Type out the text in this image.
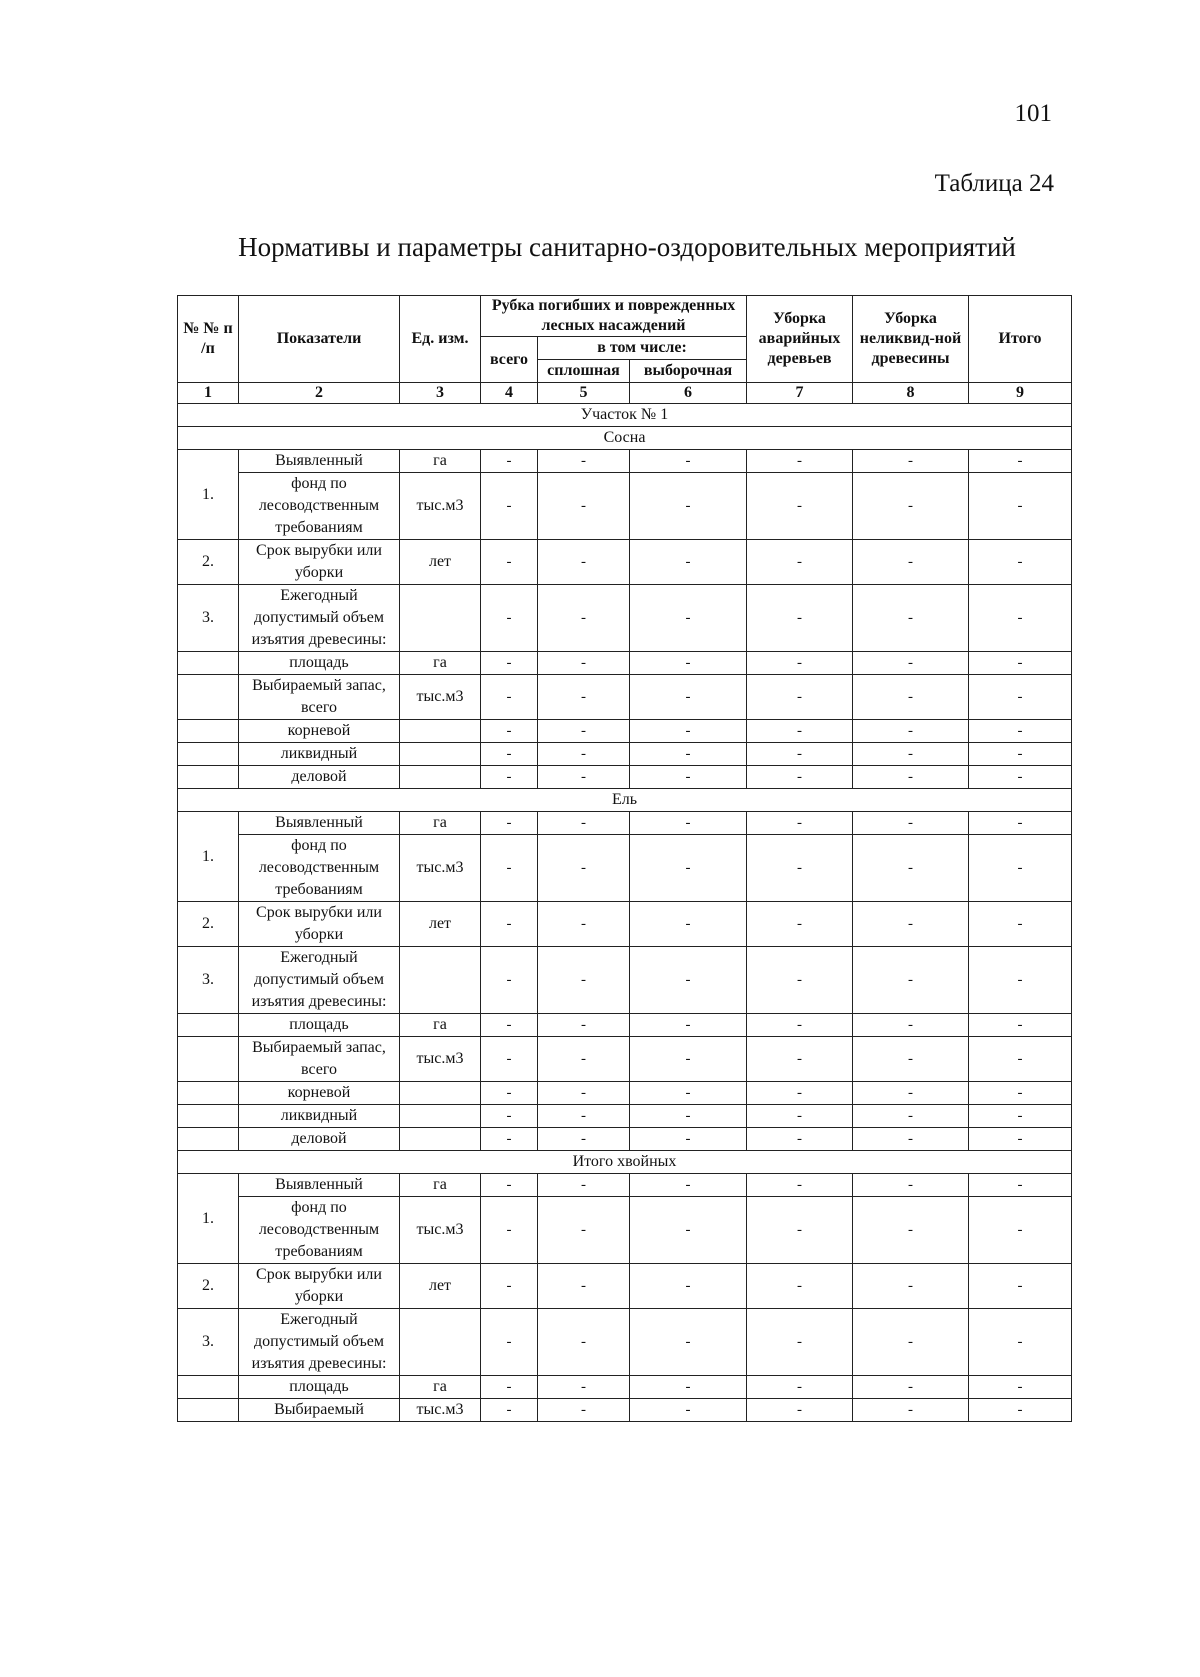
101
Таблица 24
Нормативы и параметры санитарно-оздоровительных мероприятий
№ № п /п	Показатели	Ед. изм.	Рубка погибших и поврежденных лесных насаждений			Уборка аварийных деревьев	Уборка неликвид-ной древесины	Итого

			всего	в том числе:				
				сплошная	выборочная			
1	2	3	4	5	6	7	8	9
Участок № 1								
Сосна								
1.	Выявленный	га	-	-	-	-	-	-
	фонд по лесоводственным требованиям	тыс.м3	-	-	-	-	-	-
2.	Срок вырубки или уборки	лет	-	-	-	-	-	-
3.	Ежегодный допустимый объем изъятия древесины:		-	-	-	-	-	-
	площадь	га	-	-	-	-	-	-
	Выбираемый запас, всего	тыс.м3	-	-	-	-	-	-
	корневой		-	-	-	-	-	-
	ликвидный		-	-	-	-	-	-
	деловой		-	-	-	-	-	-
Ель								
1.	Выявленный	га	-	-	-	-	-	-
	фонд по лесоводственным требованиям	тыс.м3	-	-	-	-	-	-
2.	Срок вырубки или уборки	лет	-	-	-	-	-	-
3.	Ежегодный допустимый объем изъятия древесины:		-	-	-	-	-	-
	площадь	га	-	-	-	-	-	-
	Выбираемый запас, всего	тыс.м3	-	-	-	-	-	-
	корневой		-	-	-	-	-	-
	ликвидный		-	-	-	-	-	-
	деловой		-	-	-	-	-	-
Итого хвойных								
1.	Выявленный	га	-	-	-	-	-	-
	фонд по лесоводственным требованиям	тыс.м3	-	-	-	-	-	-
2.	Срок вырубки или уборки	лет	-	-	-	-	-	-
3.	Ежегодный допустимый объем изъятия древесины:		-	-	-	-	-	-
	площадь	га	-	-	-	-	-	-
	Выбираемый	тыс.м3	-	-	-	-	-	-
